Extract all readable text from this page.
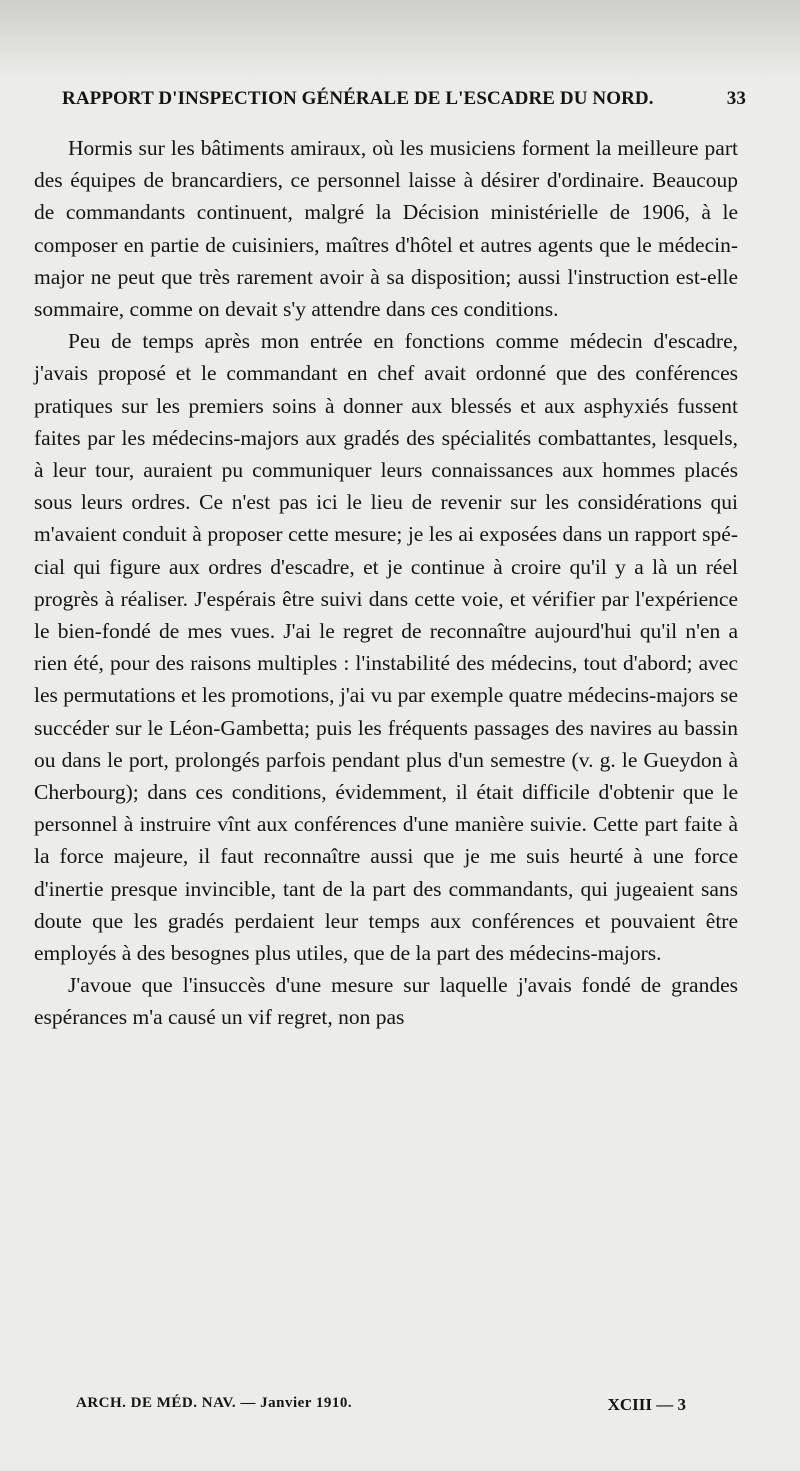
RAPPORT D'INSPECTION GÉNÉRALE DE L'ESCADRE DU NORD.	33

Hormis sur les bâtiments amiraux, où les musiciens forment la meilleure part des équipes de brancardiers, ce personnel laisse à désirer d'ordinaire. Beaucoup de commandants continuent, malgré la Décision ministérielle de 1906, à le composer en partie de cuisiniers, maîtres d'hôtel et autres agents que le médecin-major ne peut que très rarement avoir à sa disposition; aussi l'instruction est-elle sommaire, comme on devait s'y attendre dans ces conditions.

Peu de temps après mon entrée en fonctions comme médecin d'escadre, j'avais proposé et le commandant en chef avait ordonné que des conférences pratiques sur les premiers soins à donner aux blessés et aux asphyxiés fussent faites par les médecins-majors aux gradés des spécialités combattantes, lesquels, à leur tour, auraient pu communiquer leurs connaissances aux hommes placés sous leurs ordres. Ce n'est pas ici le lieu de revenir sur les considérations qui m'avaient conduit à proposer cette mesure; je les ai exposées dans un rapport spécial qui figure aux ordres d'escadre, et je continue à croire qu'il y a là un réel progrès à réaliser. J'espérais être suivi dans cette voie, et vérifier par l'expérience le bien-fondé de mes vues. J'ai le regret de reconnaître aujourd'hui qu'il n'en a rien été, pour des raisons multiples : l'instabilité des médecins, tout d'abord; avec les permutations et les promotions, j'ai vu par exemple quatre médecins-majors se succéder sur le Léon-Gambetta; puis les fréquents passages des navires au bassin ou dans le port, prolongés parfois pendant plus d'un semestre (v. g. le Gueydon à Cherbourg); dans ces conditions, évidemment, il était difficile d'obtenir que le personnel à instruire vînt aux conférences d'une manière suivie. Cette part faite à la force majeure, il faut reconnaître aussi que je me suis heurté à une force d'inertie presque invincible, tant de la part des commandants, qui jugeaient sans doute que les gradés perdaient leur temps aux conférences et pouvaient être employés à des besognes plus utiles, que de la part des médecins-majors.

J'avoue que l'insuccès d'une mesure sur laquelle j'avais fondé de grandes espérances m'a causé un vif regret, non pas

ARCH. DE MÉD. NAV. — Janvier 1910.	XCIII — 3
